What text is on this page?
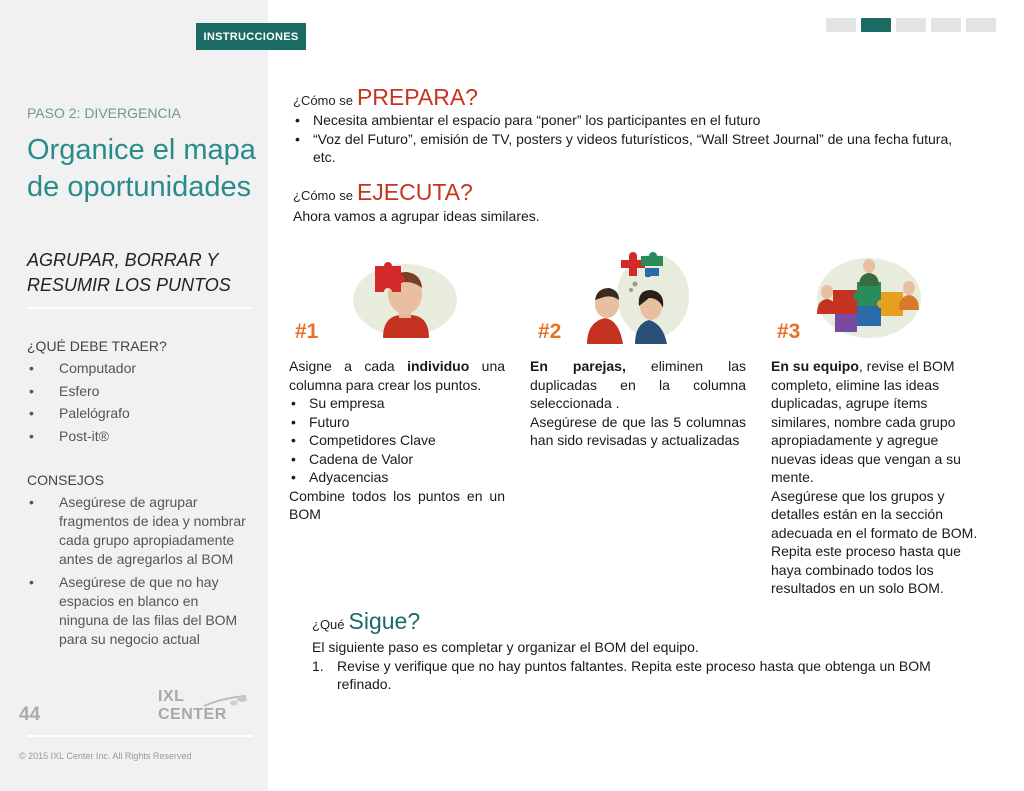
PASO 2: DIVERGENCIA
Organice el mapa de oportunidades
AGRUPAR, BORRAR Y RESUMIR LOS PUNTOS
¿QUÉ DEBE TRAER?
• Computador
• Esfero
• Palelógrafo
• Post-it®
CONSEJOS
• Asegúrese de agrupar fragmentos de idea y nombrar cada grupo apropiadamente antes de agregarlos al BOM
• Asegúrese de que no hay espacios en blanco en ninguna de las filas del BOM para su negocio actual
44
IXL CENTER
© 2015 IXL Center Inc. All Rights Reserved
INSTRUCCIONES
¿Cómo se PREPARA?
• Necesita ambientar el espacio para “poner” los participantes en el futuro
• “Voz del Futuro”, emisión de TV, posters y videos futurísticos, “Wall Street Journal” de una fecha futura, etc.
¿Cómo se EJECUTA?
Ahora vamos a agrupar ideas similares.
#1	#2	#3
Asigne a cada individuo una columna para crear los puntos.
• Su empresa
• Futuro
• Competidores Clave
• Cadena de Valor
• Adyacencias
Combine todos los puntos en un BOM
En parejas, eliminen las duplicadas en la columna seleccionada .
Asegúrese de que las 5 columnas han sido revisadas y actualizadas
En su equipo, revise el BOM completo, elimine las ideas duplicadas, agrupe ítems similares, nombre cada grupo apropiadamente y agregue nuevas ideas que vengan a su mente.
Asegúrese que los grupos y detalles están en la sección adecuada en el formato de BOM.
Repita este proceso hasta que haya combinado todos los resultados en un solo BOM.
¿Qué Sigue?
El siguiente paso es completar y organizar el BOM del equipo.
1. Revise y verifique que no hay puntos faltantes. Repita este proceso hasta que obtenga un BOM refinado.
